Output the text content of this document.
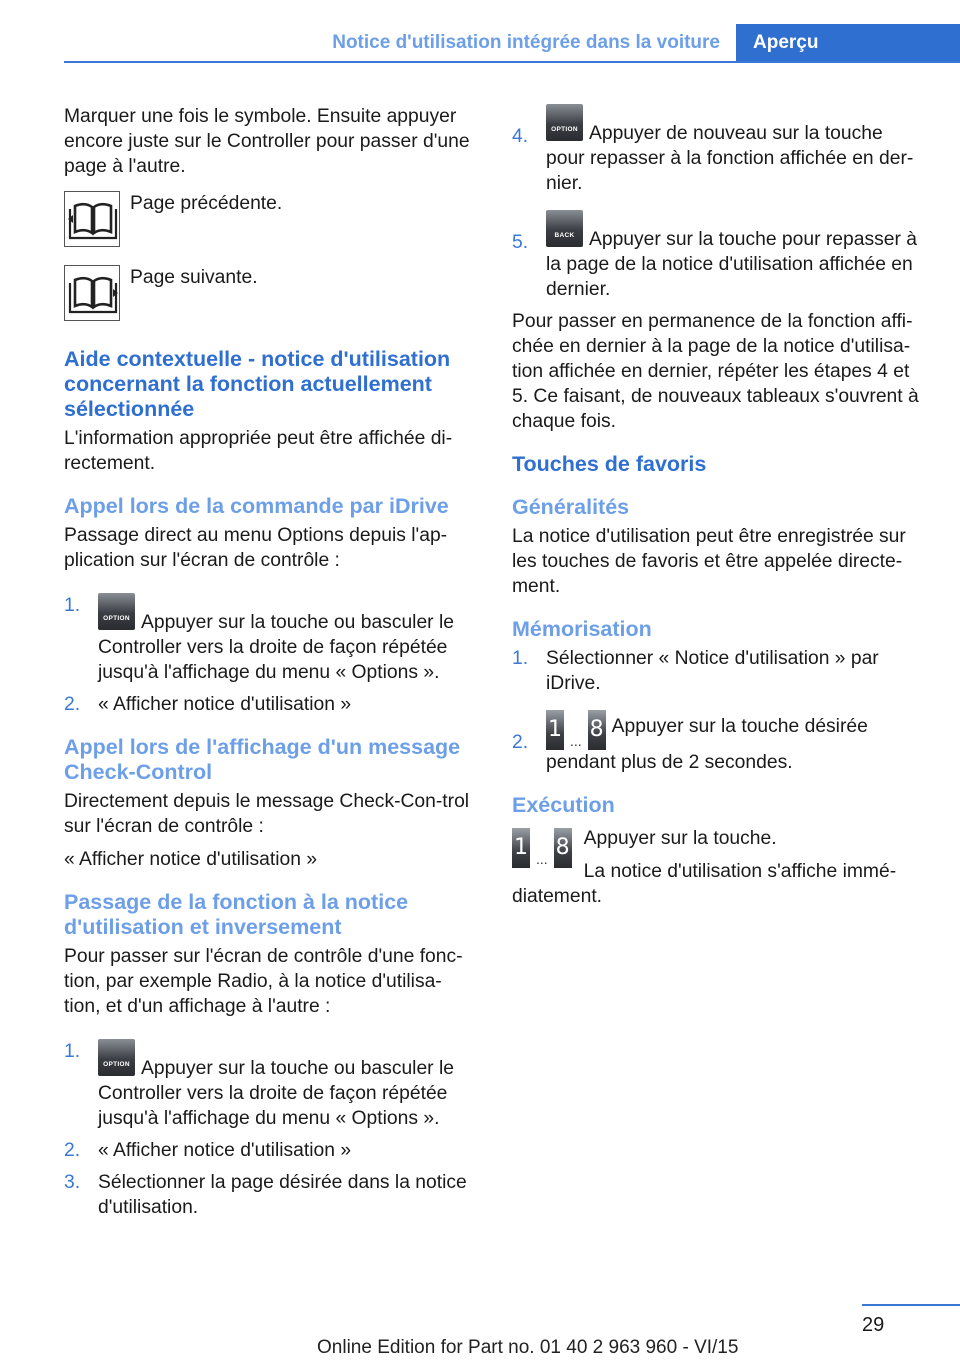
Notice d'utilisation intégrée dans la voiture	Aperçu

Marquer une fois le symbole. Ensuite appuyer encore juste sur le Controller pour passer d'une page à l'autre.

Page précédente.
Page suivante.
Aide contextuelle - notice d'utilisation concernant la fonction actuellement sélectionnée

L'information appropriée peut être affichée di-rectement.

Appel lors de la commande par iDrive

Passage direct au menu Options depuis l'ap-plication sur l'écran de contrôle :

1.
OPTION Appuyer sur la touche ou basculer le Controller vers la droite de façon répétée jusqu'à l'affichage du menu « Options ».
2. « Afficher notice d'utilisation »
Appel lors de l'affichage d'un message Check-Control

Directement depuis le message Check-Con-trol sur l'écran de contrôle :

« Afficher notice d'utilisation »

Passage de la fonction à la notice d'utilisation et inversement

Pour passer sur l'écran de contrôle d'une fonc-tion, par exemple Radio, à la notice d'utilisa-tion, et d'un affichage à l'autre :

1.
OPTION Appuyer sur la touche ou basculer le Controller vers la droite de façon répétée jusqu'à l'affichage du menu « Options ».
2. « Afficher notice d'utilisation »
3. Sélectionner la page désirée dans la notice d'utilisation.
4.	OPTION Appuyer de nouveau sur la touche pour repasser à la fonction affichée en der-nier.
5.	BACK Appuyer sur la touche pour repasser à la page de la notice d'utilisation affichée en dernier.

Pour passer en permanence de la fonction affi-chée en dernier à la page de la notice d'utilisa-tion affichée en dernier, répéter les étapes 4 et 5. Ce faisant, de nouveaux tableaux s'ouvrent à chaque fois.

Touches de favoris
Généralités

La notice d'utilisation peut être enregistrée sur les touches de favoris et être appelée directe-ment.

Mémorisation
1. Sélectionner « Notice d'utilisation » par iDrive.
2.
1 ... 8 Appuyer sur la touche désirée pendant plus de 2 secondes.
Exécution
1 ... 8 Appuyer sur la touche.

La notice d'utilisation s'affiche immé-diatement.

29
Online Edition for Part no. 01 40 2 963 960 - VI/15
